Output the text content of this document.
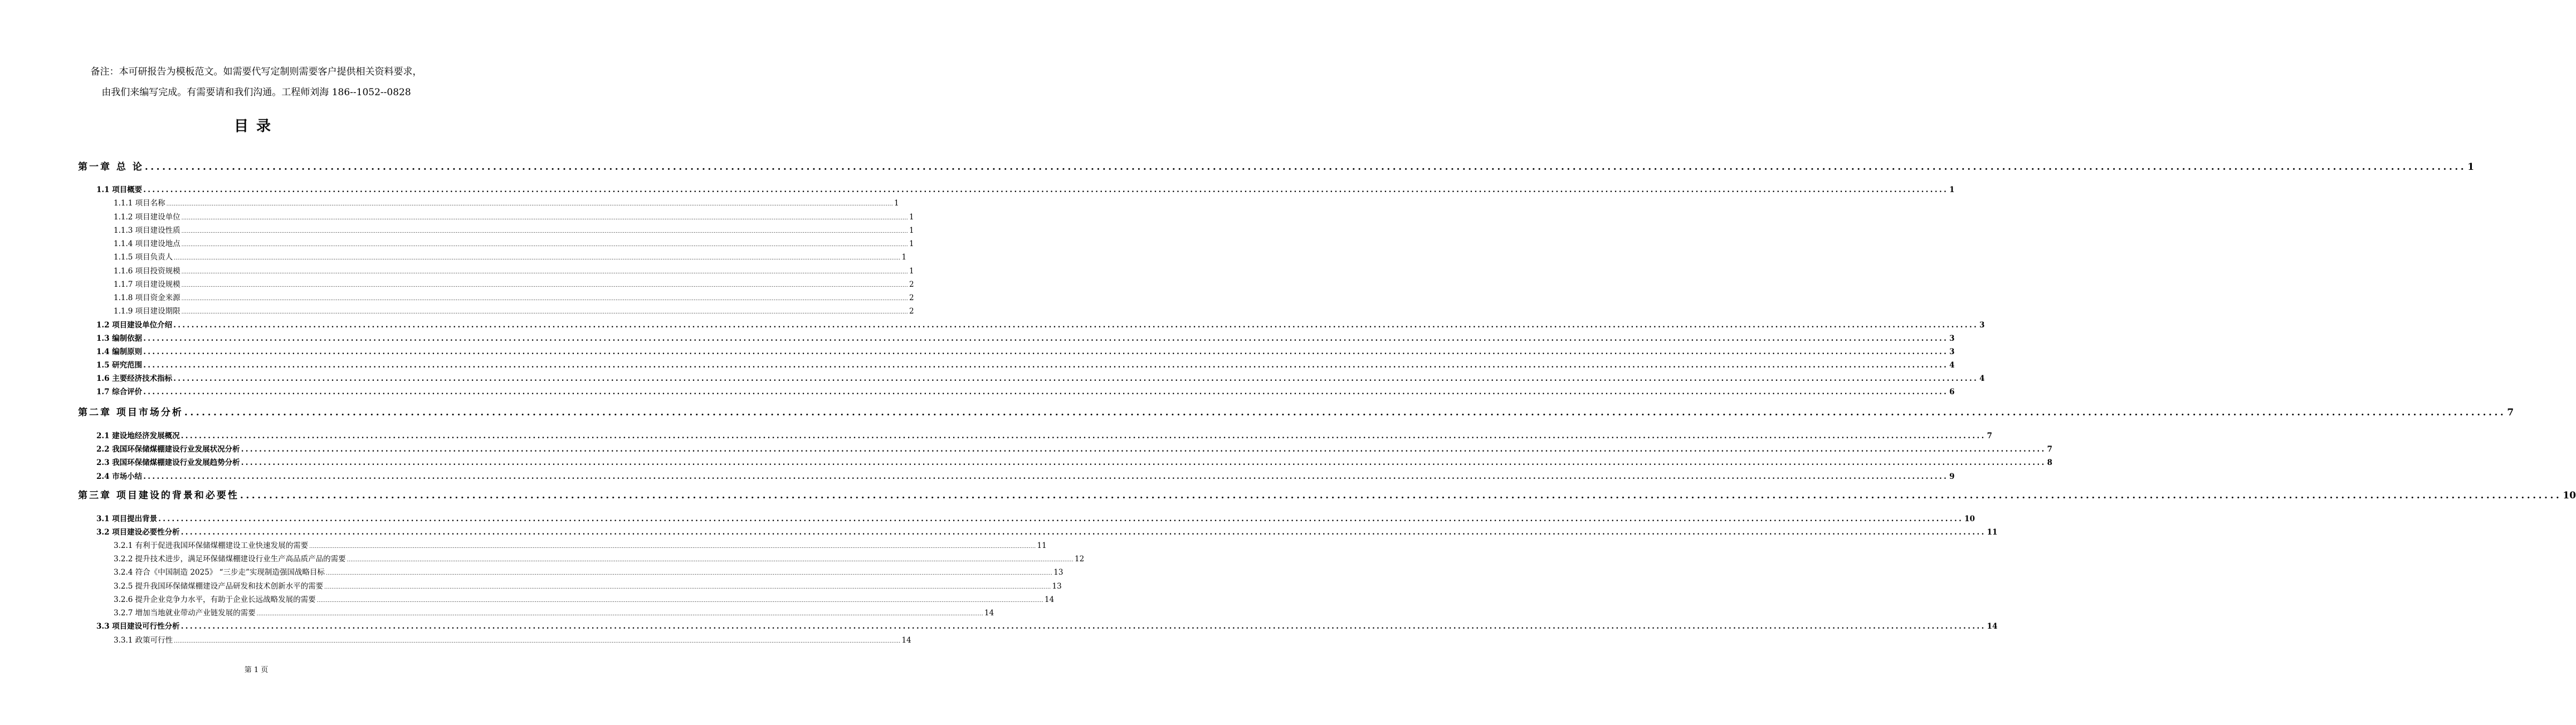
备注：本可研报告为模板范文。如需要代写定制则需要客户提供相关资料要求，
由我们来编写完成。有需要请和我们沟通。工程师刘海 186--1052--0828
目录
第一章 总 论 ................................................................................................................................................................................................................................................................................................................................................................................................................ 1
1.1 项目概要 ................................................................................................................................................................................................................................................................................................................................................................................................................ 1
1.1.1 项目名称 ................................................................................................................................................................................................................................................................................................................................................................................................................ 1
1.1.2 项目建设单位 ................................................................................................................................................................................................................................................................................................................................................................................................................ 1
1.1.3 项目建设性质 ................................................................................................................................................................................................................................................................................................................................................................................................................ 1
1.1.4 项目建设地点 ................................................................................................................................................................................................................................................................................................................................................................................................................ 1
1.1.5 项目负责人 ................................................................................................................................................................................................................................................................................................................................................................................................................ 1
1.1.6 项目投资规模 ................................................................................................................................................................................................................................................................................................................................................................................................................ 1
1.1.7 项目建设规模 ................................................................................................................................................................................................................................................................................................................................................................................................................ 2
1.1.8 项目资金来源 ................................................................................................................................................................................................................................................................................................................................................................................................................ 2
1.1.9 项目建设期限 ................................................................................................................................................................................................................................................................................................................................................................................................................ 2
1.2 项目建设单位介绍 ................................................................................................................................................................................................................................................................................................................................................................................................................ 3
1.3 编制依据 ................................................................................................................................................................................................................................................................................................................................................................................................................ 3
1.4 编制原则 ................................................................................................................................................................................................................................................................................................................................................................................................................ 3
1.5 研究范围 ................................................................................................................................................................................................................................................................................................................................................................................................................ 4
1.6 主要经济技术指标 ................................................................................................................................................................................................................................................................................................................................................................................................................ 4
1.7 综合评价 ................................................................................................................................................................................................................................................................................................................................................................................................................ 6
第二章 项目市场分析 ................................................................................................................................................................................................................................................................................................................................................................................................................ 7
2.1 建设地经济发展概况 ................................................................................................................................................................................................................................................................................................................................................................................................................ 7
2.2 我国环保储煤棚建设行业发展状况分析 ................................................................................................................................................................................................................................................................................................................................................................................................................ 7
2.3 我国环保储煤棚建设行业发展趋势分析 ................................................................................................................................................................................................................................................................................................................................................................................................................ 8
2.4 市场小结 ................................................................................................................................................................................................................................................................................................................................................................................................................ 9
第三章 项目建设的背景和必要性 ................................................................................................................................................................................................................................................................................................................................................................................................................ 10
3.1 项目提出背景 ................................................................................................................................................................................................................................................................................................................................................................................................................ 10
3.2 项目建设必要性分析 ................................................................................................................................................................................................................................................................................................................................................................................................................ 11
3.2.1 有利于促进我国环保储煤棚建设工业快速发展的需要 ................................................................................................................................................................................................................................................................................................................................................................................................................ 11
3.2.2 提升技术进步，满足环保储煤棚建设行业生产高品质产品的需要 ................................................................................................................................................................................................................................................................................................................................................................................................................ 12
3.2.4 符合《中国制造 2025》 “三步走”实现制造强国战略目标 ................................................................................................................................................................................................................................................................................................................................................................................................................ 13
3.2.5 提升我国环保储煤棚建设产品研发和技术创新水平的需要 ................................................................................................................................................................................................................................................................................................................................................................................................................ 13
3.2.6 提升企业竞争力水平，有助于企业长远战略发展的需要 ................................................................................................................................................................................................................................................................................................................................................................................................................ 14
3.2.7 增加当地就业带动产业链发展的需要 ................................................................................................................................................................................................................................................................................................................................................................................................................ 14
3.3 项目建设可行性分析 ................................................................................................................................................................................................................................................................................................................................................................................................................ 14
3.3.1 政策可行性 ................................................................................................................................................................................................................................................................................................................................................................................................................ 14
第 1 页
